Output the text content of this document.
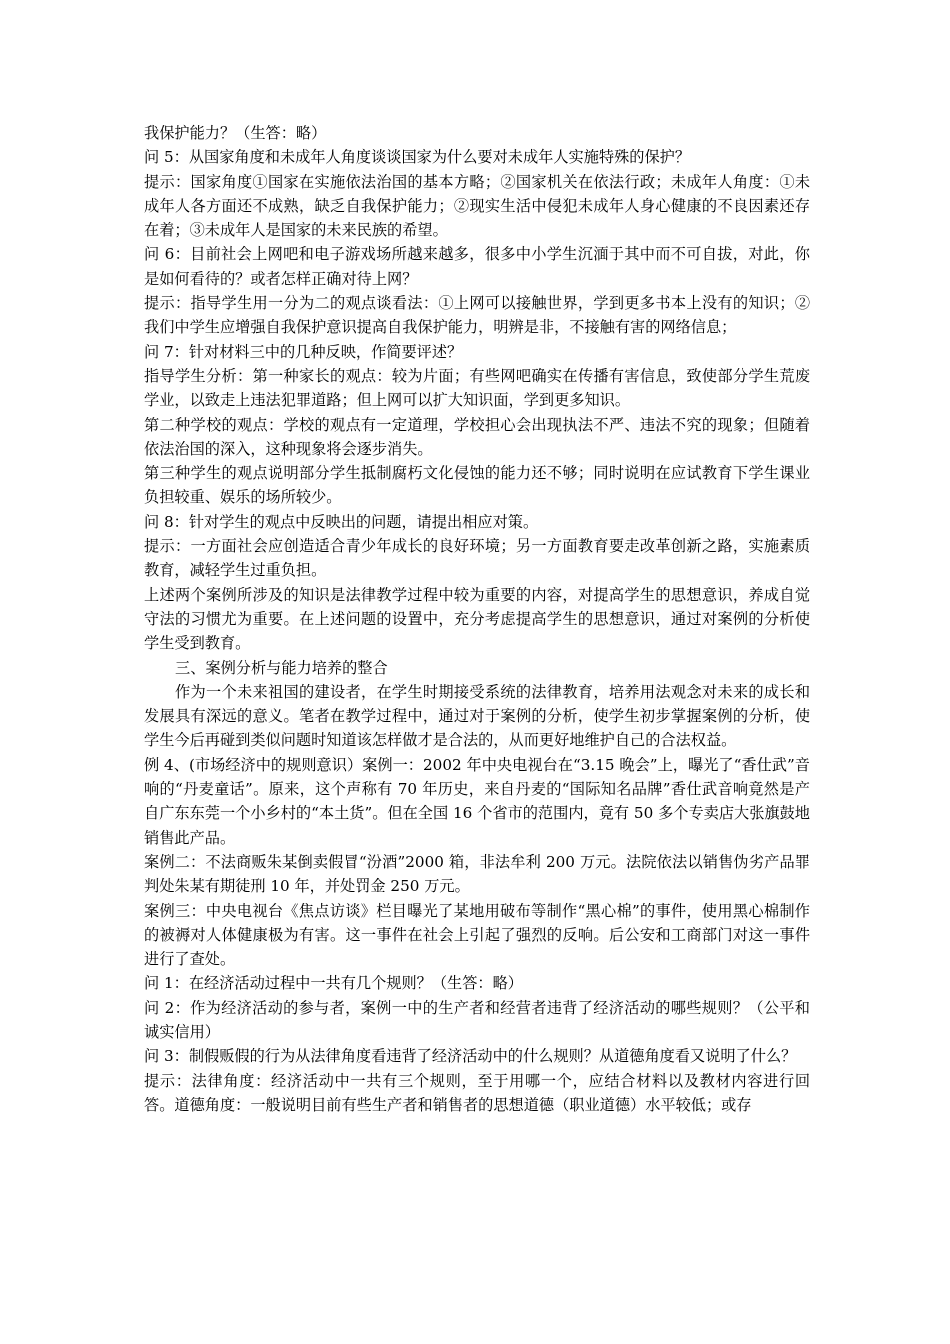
我保护能力？（生答：略）

问 5：从国家角度和未成年人角度谈谈国家为什么要对未成年人实施特殊的保护？

提示：国家角度①国家在实施依法治国的基本方略；②国家机关在依法行政；未成年人角度：①未成年人各方面还不成熟，缺乏自我保护能力；②现实生活中侵犯未成年人身心健康的不良因素还存在着；③未成年人是国家的未来民族的希望。

问 6：目前社会上网吧和电子游戏场所越来越多，很多中小学生沉湎于其中而不可自拔，对此，你是如何看待的？或者怎样正确对待上网？

提示：指导学生用一分为二的观点谈看法：①上网可以接触世界，学到更多书本上没有的知识；②我们中学生应增强自我保护意识提高自我保护能力，明辨是非，不接触有害的网络信息；

问 7：针对材料三中的几种反映，作简要评述？

指导学生分析：第一种家长的观点：较为片面；有些网吧确实在传播有害信息，致使部分学生荒废学业，以致走上违法犯罪道路；但上网可以扩大知识面，学到更多知识。

第二种学校的观点：学校的观点有一定道理，学校担心会出现执法不严、违法不究的现象；但随着依法治国的深入，这种现象将会逐步消失。

第三种学生的观点说明部分学生抵制腐朽文化侵蚀的能力还不够；同时说明在应试教育下学生课业负担较重、娱乐的场所较少。

问 8：针对学生的观点中反映出的问题，请提出相应对策。

提示：一方面社会应创造适合青少年成长的良好环境；另一方面教育要走改革创新之路，实施素质教育，减轻学生过重负担。

上述两个案例所涉及的知识是法律教学过程中较为重要的内容，对提高学生的思想意识，养成自觉守法的习惯尤为重要。在上述问题的设置中，充分考虑提高学生的思想意识，通过对案例的分析使学生受到教育。

三、案例分析与能力培养的整合

作为一个未来祖国的建设者，在学生时期接受系统的法律教育，培养用法观念对未来的成长和发展具有深远的意义。笔者在教学过程中，通过对于案例的分析，使学生初步掌握案例的分析，使学生今后再碰到类似问题时知道该怎样做才是合法的，从而更好地维护自己的合法权益。

例 4、(市场经济中的规则意识）案例一：2002 年中央电视台在“3.15 晚会”上，曝光了“香仕武”音响的“丹麦童话”。原来，这个声称有 70 年历史，来自丹麦的“国际知名品牌”香仕武音响竟然是产自广东东莞一个小乡村的“本土货”。但在全国 16 个省市的范围内，竟有 50 多个专卖店大张旗鼓地销售此产品。

案例二：不法商贩朱某倒卖假冒“汾酒”2000 箱，非法牟利 200 万元。法院依法以销售伪劣产品罪判处朱某有期徒刑 10 年，并处罚金 250 万元。

案例三：中央电视台《焦点访谈》栏目曝光了某地用破布等制作“黑心棉”的事件，使用黑心棉制作的被褥对人体健康极为有害。这一事件在社会上引起了强烈的反响。后公安和工商部门对这一事件进行了查处。

问 1：在经济活动过程中一共有几个规则？（生答：略）

问 2：作为经济活动的参与者，案例一中的生产者和经营者违背了经济活动的哪些规则？（公平和诚实信用）

问 3：制假贩假的行为从法律角度看违背了经济活动中的什么规则？从道德角度看又说明了什么？

提示：法律角度：经济活动中一共有三个规则，至于用哪一个，应结合材料以及教材内容进行回答。道德角度：一般说明目前有些生产者和销售者的思想道德（职业道德）水平较低；或存
